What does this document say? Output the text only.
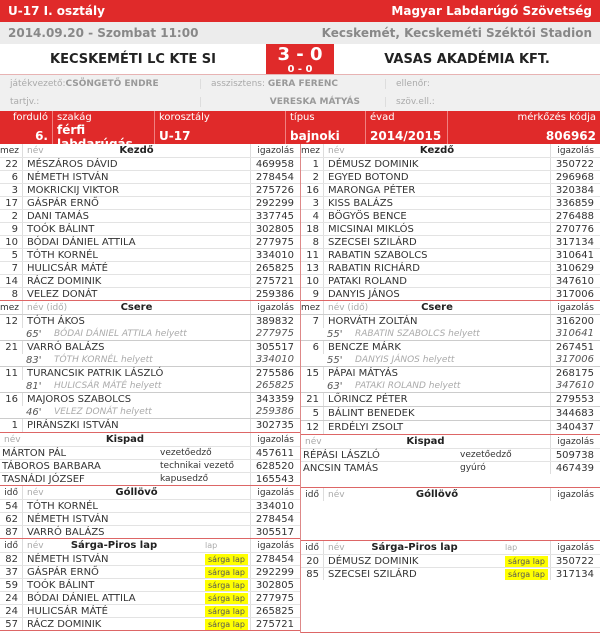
U-17 I. osztály	Magyar Labdarúgó Szövetség
2014.09.20 - Szombat 11:00	Kecskemét, Kecskeméti Széktói Stadion
KECSKEMÉTI LC KTE SI	3 - 0
0 - 0
VASAS AKADÉMIA KFT.
játékvezető:CSÖNGETŐ ENDRE	asszisztens: GERA FERENC	ellenőr:
tartjv.:	VERESKA MÁTYÁS	szöv.ell.:
forduló
6.
szakág
férfi labdarúgás
korosztály
U-17
típus
bajnoki
évad
2014/2015
mérkőzés kódja
806962
mez név	Kezdő	igazolás
22 MÉSZÁROS DÁVID	469958
6 NÉMETH ISTVÁN	278454
3 MOKRICKIJ VIKTOR	275726
17 GÁSPÁR ERNŐ	292299
2 DANI TAMÁS	337745
9 TOÓK BÁLINT	302805
10 BÓDAI DÁNIEL ATTILA	277975
5 TÓTH KORNÉL	334010
7 HULICSÁR MÁTÉ	265825
14 RÁCZ DOMINIK	275721
8 VELEZ DONÁT	259386
mez név (idő)	Csere	igazolás
12 TÓTH ÁKOS	389832
65'	BÓDAI DÁNIEL ATTILA helyett	277975
21 VARRÓ BALÁZS	305517
83'	TÓTH KORNÉL helyett	334010
11 TURANCSIK PATRIK LÁSZLÓ	275586
81'	HULICSÁR MÁTÉ helyett	265825
16 MAJOROS SZABOLCS	343359
46'	VELEZ DONÁT helyett	259386
1 PIRÁNSZKI ISTVÁN	302735
név	Kispad	igazolás
MÁRTON PÁL	vezetőedző	457611
TÁBOROS BARBARA	technikai vezető	628520
TASNÁDI JÓZSEF	kapusedző	165543
idő	név	Góllövő	igazolás
54 TÓTH KORNÉL	334010
62 NÉMETH ISTVÁN	278454
87 VARRÓ BALÁZS	305517
idő	név	Sárga-Piros lap	lap	igazolás
82 NÉMETH ISTVÁN	sárga lap	278454
37 GÁSPÁR ERNŐ	sárga lap	292299
59 TOÓK BÁLINT	sárga lap	302805
24 BÓDAI DÁNIEL ATTILA	sárga lap	277975
24 HULICSÁR MÁTÉ	sárga lap	265825
57 RÁCZ DOMINIK	sárga lap	275721
mez név	Kezdő	igazolás
1 DÉMUSZ DOMINIK	350722
2 EGYED BOTOND	296968
16 MARONGA PÉTER	320384
3 KISS BALÁZS	336859
4 BÖGYÖS BENCE	276488
18 MICSINAI MIKLÓS	270776
8 SZECSEI SZILÁRD	317134
11 RABATIN SZABOLCS	310641
13 RABATIN RICHÁRD	310629
10 PATAKI ROLAND	347610
9 DANYIS JÁNOS	317006
mez név (idő)	Csere	igazolás
7 HORVÁTH ZOLTÁN	316200
55'	RABATIN SZABOLCS helyett	310641
6 BENCZE MÁRK	267451
55'	DANYIS JÁNOS helyett	317006
15 PÁPAI MÁTYÁS	268175
63'	PATAKI ROLAND helyett	347610
21 LŐRINCZ PÉTER	279553
5 BÁLINT BENEDEK	344683
12 ERDÉLYI ZSOLT	340437
név	Kispad	igazolás
RÉPÁSI LÁSZLÓ	vezetőedző	509738
ANCSIN TAMÁS	gyúró	467439
idő	név	Góllövő	igazolás
idő	név	Sárga-Piros lap	lap	igazolás
20 DÉMUSZ DOMINIK	sárga lap	350722
85 SZECSEI SZILÁRD	sárga lap	317134
